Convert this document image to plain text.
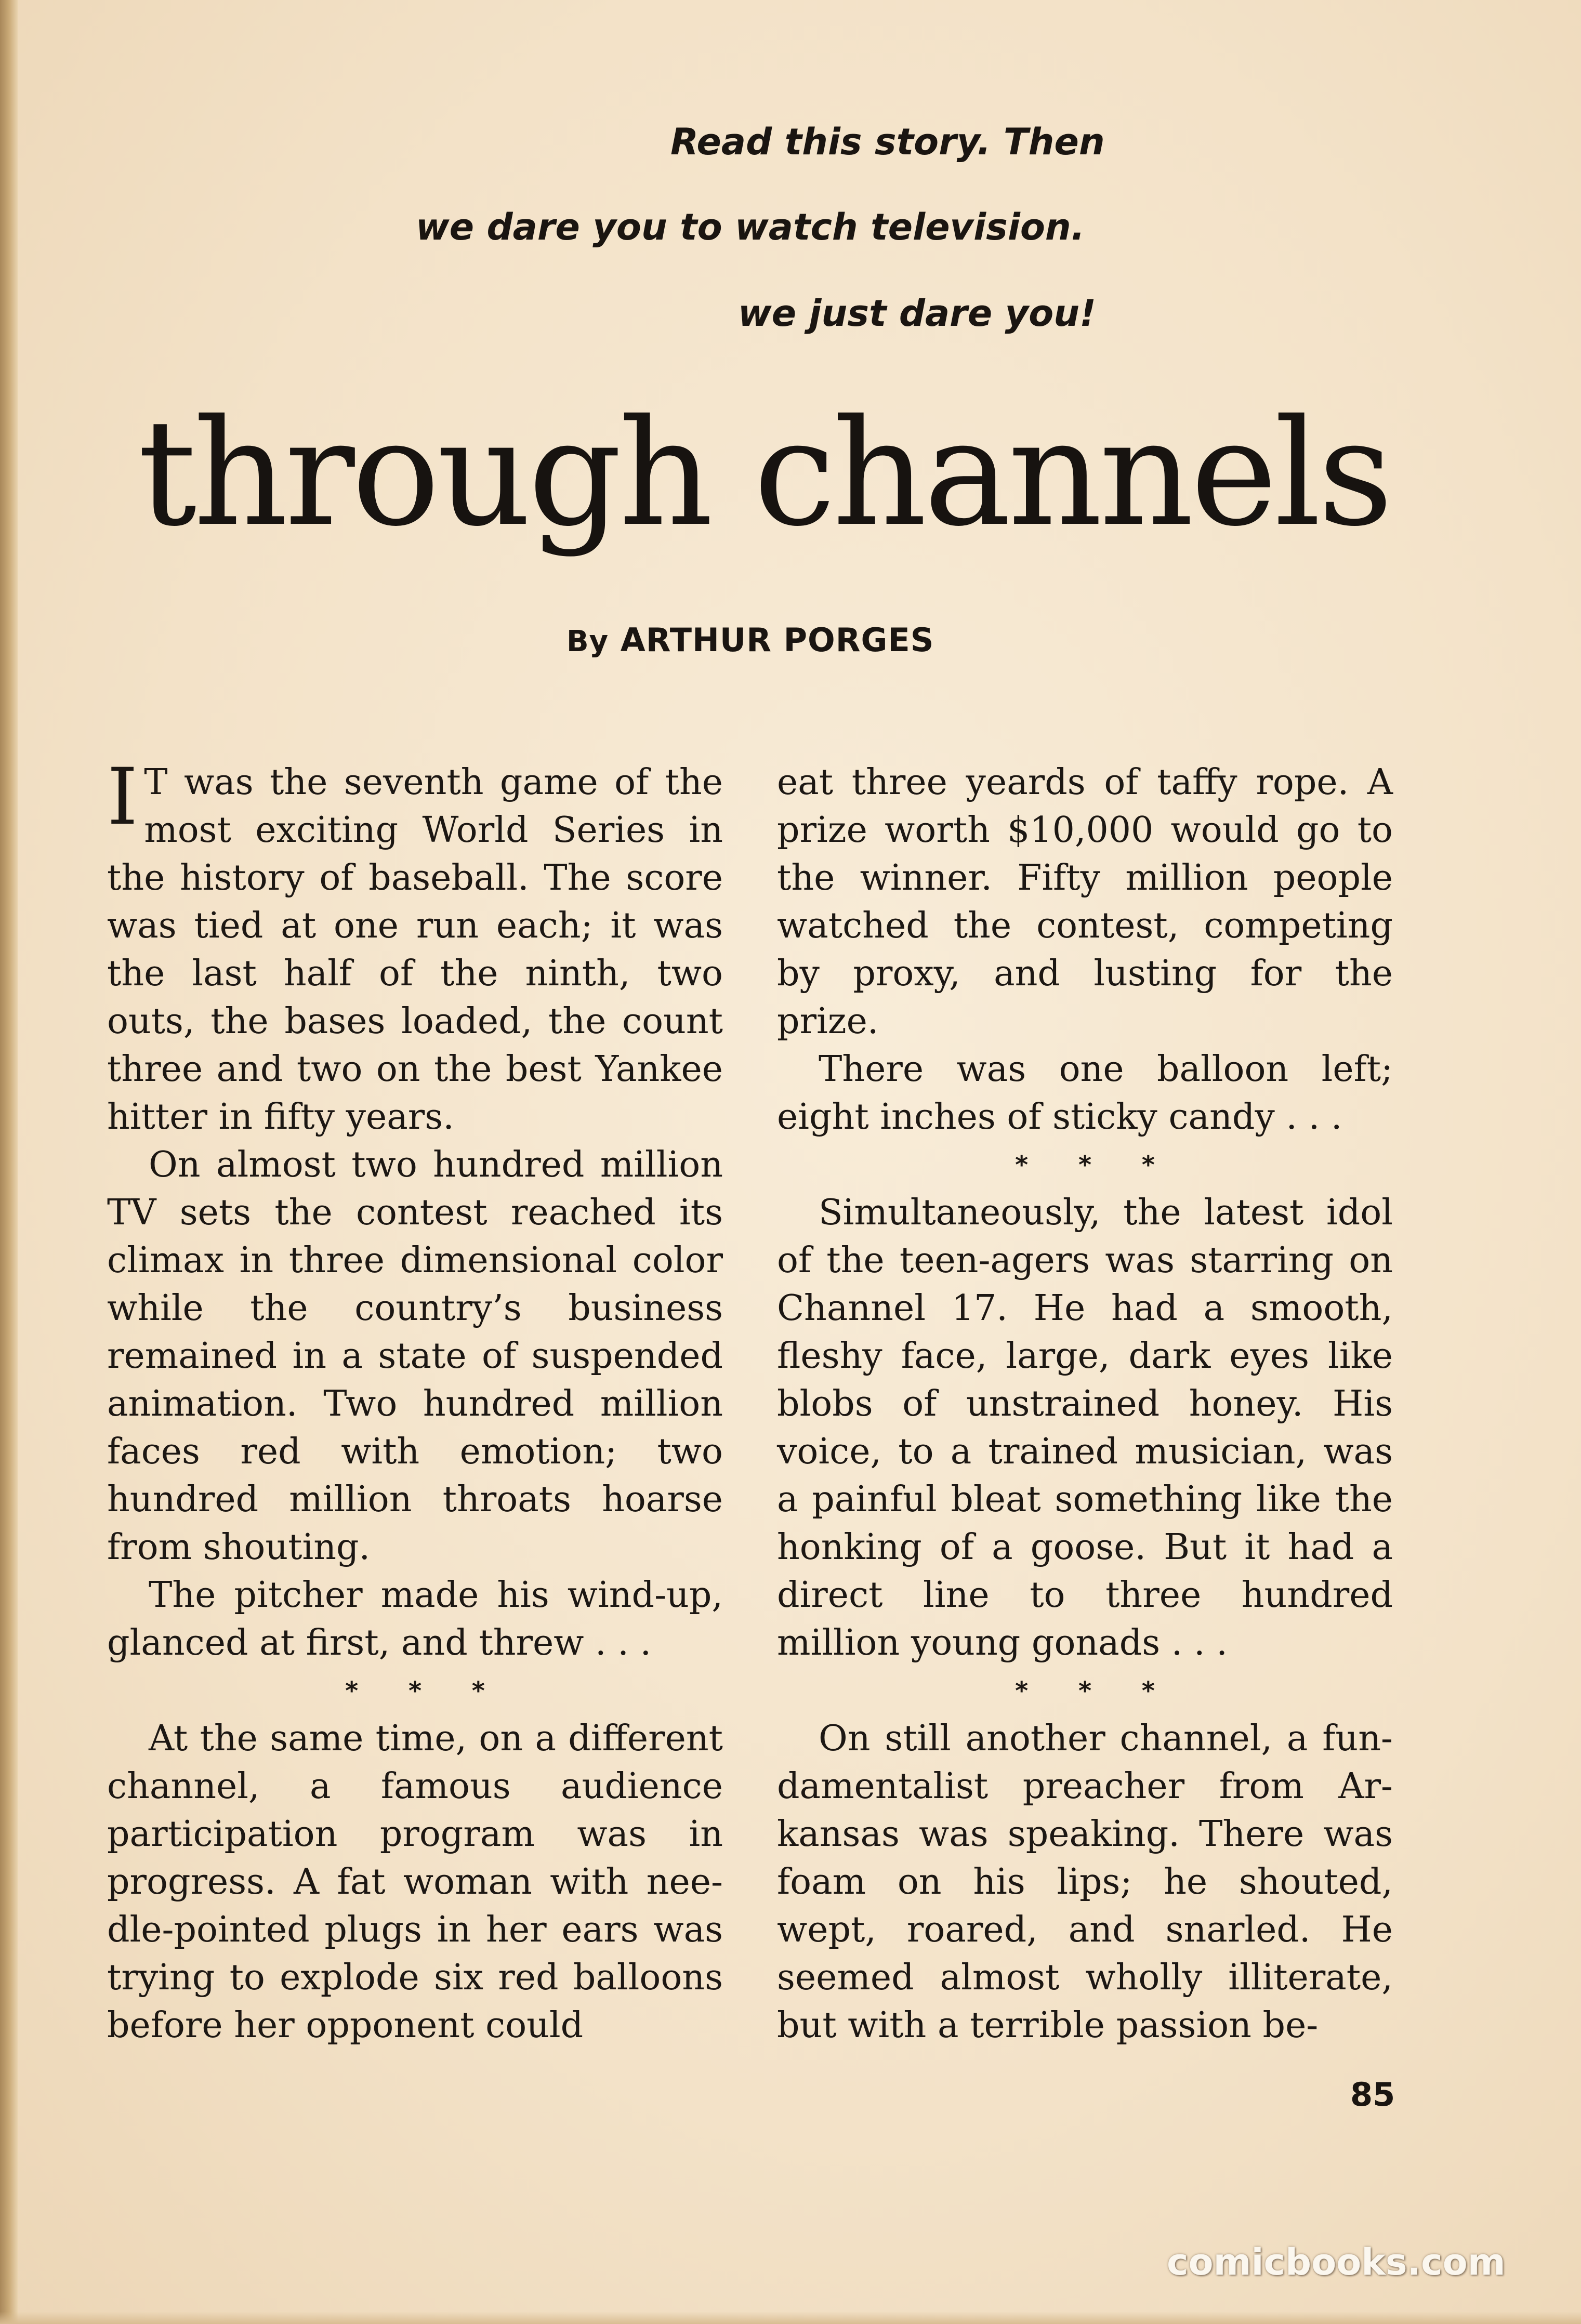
Read this story. Then
we dare you to watch television.
we just dare you!
through channels
By ARTHUR PORGES

I T was the seventh game of the most exciting World Series in the history of baseball. The score was tied at one run each; it was the last half of the ninth, two outs, the bases loaded, the count three and two on the best Yankee hitter in fifty years.

On almost two hundred million TV sets the contest reached its climax in three dimensional color while the country’s business remained in a state of suspended animation. Two hundred million faces red with emotion; two hundred million throats hoarse from shouting.

The pitcher made his wind-up, glanced at first, and threw . . .

* * *

At the same time, on a different channel, a famous audience participation program was in progress. A fat woman with needle-pointed plugs in her ears was trying to explode six red balloons before her opponent could

eat three yeards of taffy rope. A prize worth $10,000 would go to the winner. Fifty million people watched the contest, competing by proxy, and lusting for the prize.

There was one balloon left; eight inches of sticky candy . . .

* * *

Simultaneously, the latest idol of the teen-agers was starring on Channel 17. He had a smooth, fleshy face, large, dark eyes like blobs of unstrained honey. His voice, to a trained musician, was a painful bleat something like the honking of a goose. But it had a direct line to three hundred million young gonads . . .

* * *

On still another channel, a fundamentalist preacher from Arkansas was speaking. There was foam on his lips; he shouted, wept, roared, and snarled. He seemed almost wholly illiterate, but with a terrible passion be-

85
comicbooks.com
